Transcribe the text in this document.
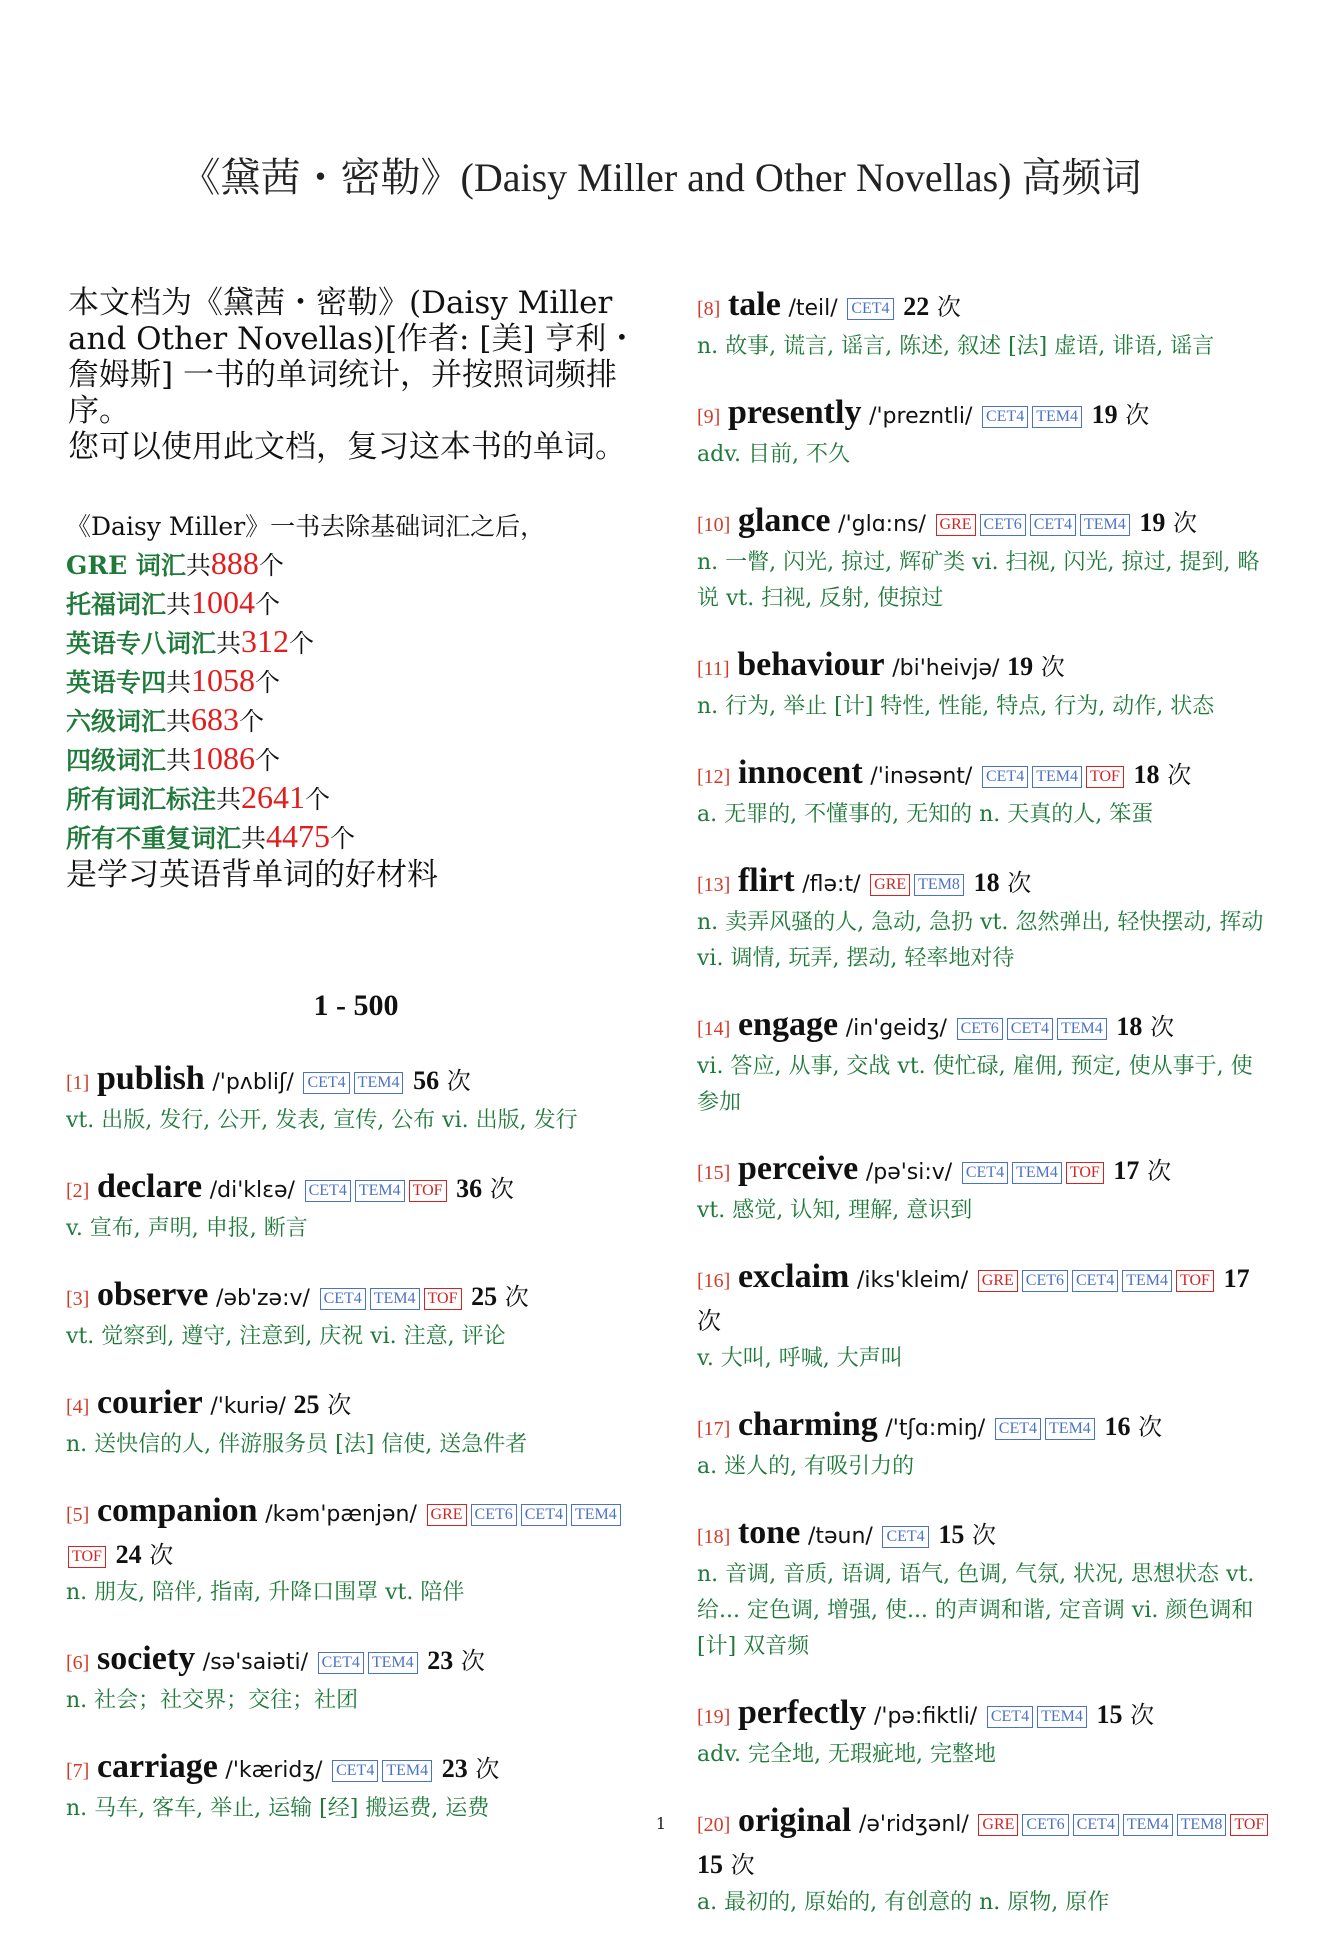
《黛茜・密勒》(Daisy Miller and Other Novellas) 高频词

本文档为《黛茜・密勒》(Daisy Miller and Other Novellas)[作者: [美] 亨利・詹姆斯] 一书的单词统计，并按照词频排序。

您可以使用此文档，复习这本书的单词。

《Daisy Miller》一书去除基础词汇之后，
GRE 词汇共888个
托福词汇共1004个
英语专八词汇共312个
英语专四共1058个
六级词汇共683个
四级词汇共1086个
所有词汇标注共2641个
所有不重复词汇共4475个
是学习英语背单词的好材料
1 - 500
[1] publish /'pʌbliʃ/ CET4 TEM4 56 次
vt. 出版, 发行, 公开, 发表, 宣传, 公布 vi. 出版, 发行
[2] declare /di'klɛə/ CET4 TEM4 TOF 36 次
v. 宣布, 声明, 申报, 断言
[3] observe /əb'zə:v/ CET4 TEM4 TOF 25 次
vt. 觉察到, 遵守, 注意到, 庆祝 vi. 注意, 评论
[4] courier /'kuriə/ 25 次
n. 送快信的人, 伴游服务员 [法] 信使, 送急件者
[5] companion /kəm'pænjən/ GRE CET6 CET4 TEM4TOF 24 次
n. 朋友, 陪伴, 指南, 升降口围罩 vt. 陪伴
[6] society /sə'saiəti/ CET4 TEM4 23 次
n. 社会；社交界；交往；社团
[7] carriage /'kæridʒ/ CET4 TEM4 23 次
n. 马车, 客车, 举止, 运输 [经] 搬运费, 运费
[8] tale /teil/ CET4 22 次
n. 故事, 谎言, 谣言, 陈述, 叙述 [法] 虚语, 诽语, 谣言
[9] presently /'prezntli/ CET4 TEM4 19 次
adv. 目前, 不久
[10] glance /'glɑ:ns/ GRE CET6 CET4 TEM4 19 次
n. 一瞥, 闪光, 掠过, 辉矿类 vi. 扫视, 闪光, 掠过, 提到, 略说 vt. 扫视, 反射, 使掠过
[11] behaviour /bi'heivjə/ 19 次
n. 行为, 举止 [计] 特性, 性能, 特点, 行为, 动作, 状态
[12] innocent /'inəsənt/ CET4 TEM4 TOF 18 次
a. 无罪的, 不懂事的, 无知的 n. 天真的人, 笨蛋
[13] flirt /flə:t/ GRE TEM8 18 次
n. 卖弄风骚的人, 急动, 急扔 vt. 忽然弹出, 轻快摆动, 挥动 vi. 调情, 玩弄, 摆动, 轻率地对待
[14] engage /in'geidʒ/ CET6 CET4 TEM4 18 次
vi. 答应, 从事, 交战 vt. 使忙碌, 雇佣, 预定, 使从事于, 使参加
[15] perceive /pə'si:v/ CET4 TEM4 TOF 17 次
vt. 感觉, 认知, 理解, 意识到
[16] exclaim /iks'kleim/ GRE CET6 CET4 TEM4 TOF 17 次
v. 大叫, 呼喊, 大声叫
[17] charming /'tʃɑ:miŋ/ CET4 TEM4 16 次
a. 迷人的, 有吸引力的
[18] tone /təun/ CET4 15 次
n. 音调, 音质, 语调, 语气, 色调, 气氛, 状况, 思想状态 vt. 给... 定色调, 增强, 使... 的声调和谐, 定音调 vi. 颜色调和 [计] 双音频
[19] perfectly /'pə:fiktli/ CET4 TEM4 15 次
adv. 完全地, 无瑕疵地, 完整地
[20] original /ə'ridʒənl/ GRE CET6 CET4 TEM4 TEM8 TOF 15 次
a. 最初的, 原始的, 有创意的 n. 原物, 原作
1
